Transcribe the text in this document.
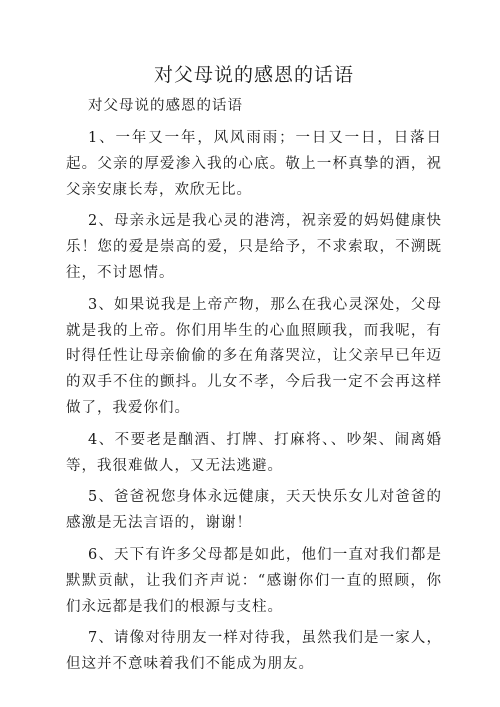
对父母说的感恩的话语
对父母说的感恩的话语

1、一年又一年，风风雨雨；一日又一日，日落日起。父亲的厚爱渗入我的心底。敬上一杯真挚的酒，祝父亲安康长寿，欢欣无比。

2、母亲永远是我心灵的港湾，祝亲爱的妈妈健康快乐！您的爱是崇高的爱，只是给予，不求索取，不溯既往，不讨恩情。

3、如果说我是上帝产物，那么在我心灵深处，父母就是我的上帝。你们用毕生的心血照顾我，而我呢，有时得任性让母亲偷偷的多在角落哭泣，让父亲早已年迈的双手不住的颤抖。儿女不孝，今后我一定不会再这样做了，我爱你们。

4、不要老是酗酒、打牌、打麻将、、吵架、闹离婚等，我很难做人，又无法逃避。

5、爸爸祝您身体永远健康，天天快乐女儿对爸爸的感激是无法言语的，谢谢！

6、天下有许多父母都是如此，他们一直对我们都是默默贡献，让我们齐声说：“感谢你们一直的照顾，你们永远都是我们的根源与支柱。

7、请像对待朋友一样对待我，虽然我们是一家人，但这并不意味着我们不能成为朋友。
